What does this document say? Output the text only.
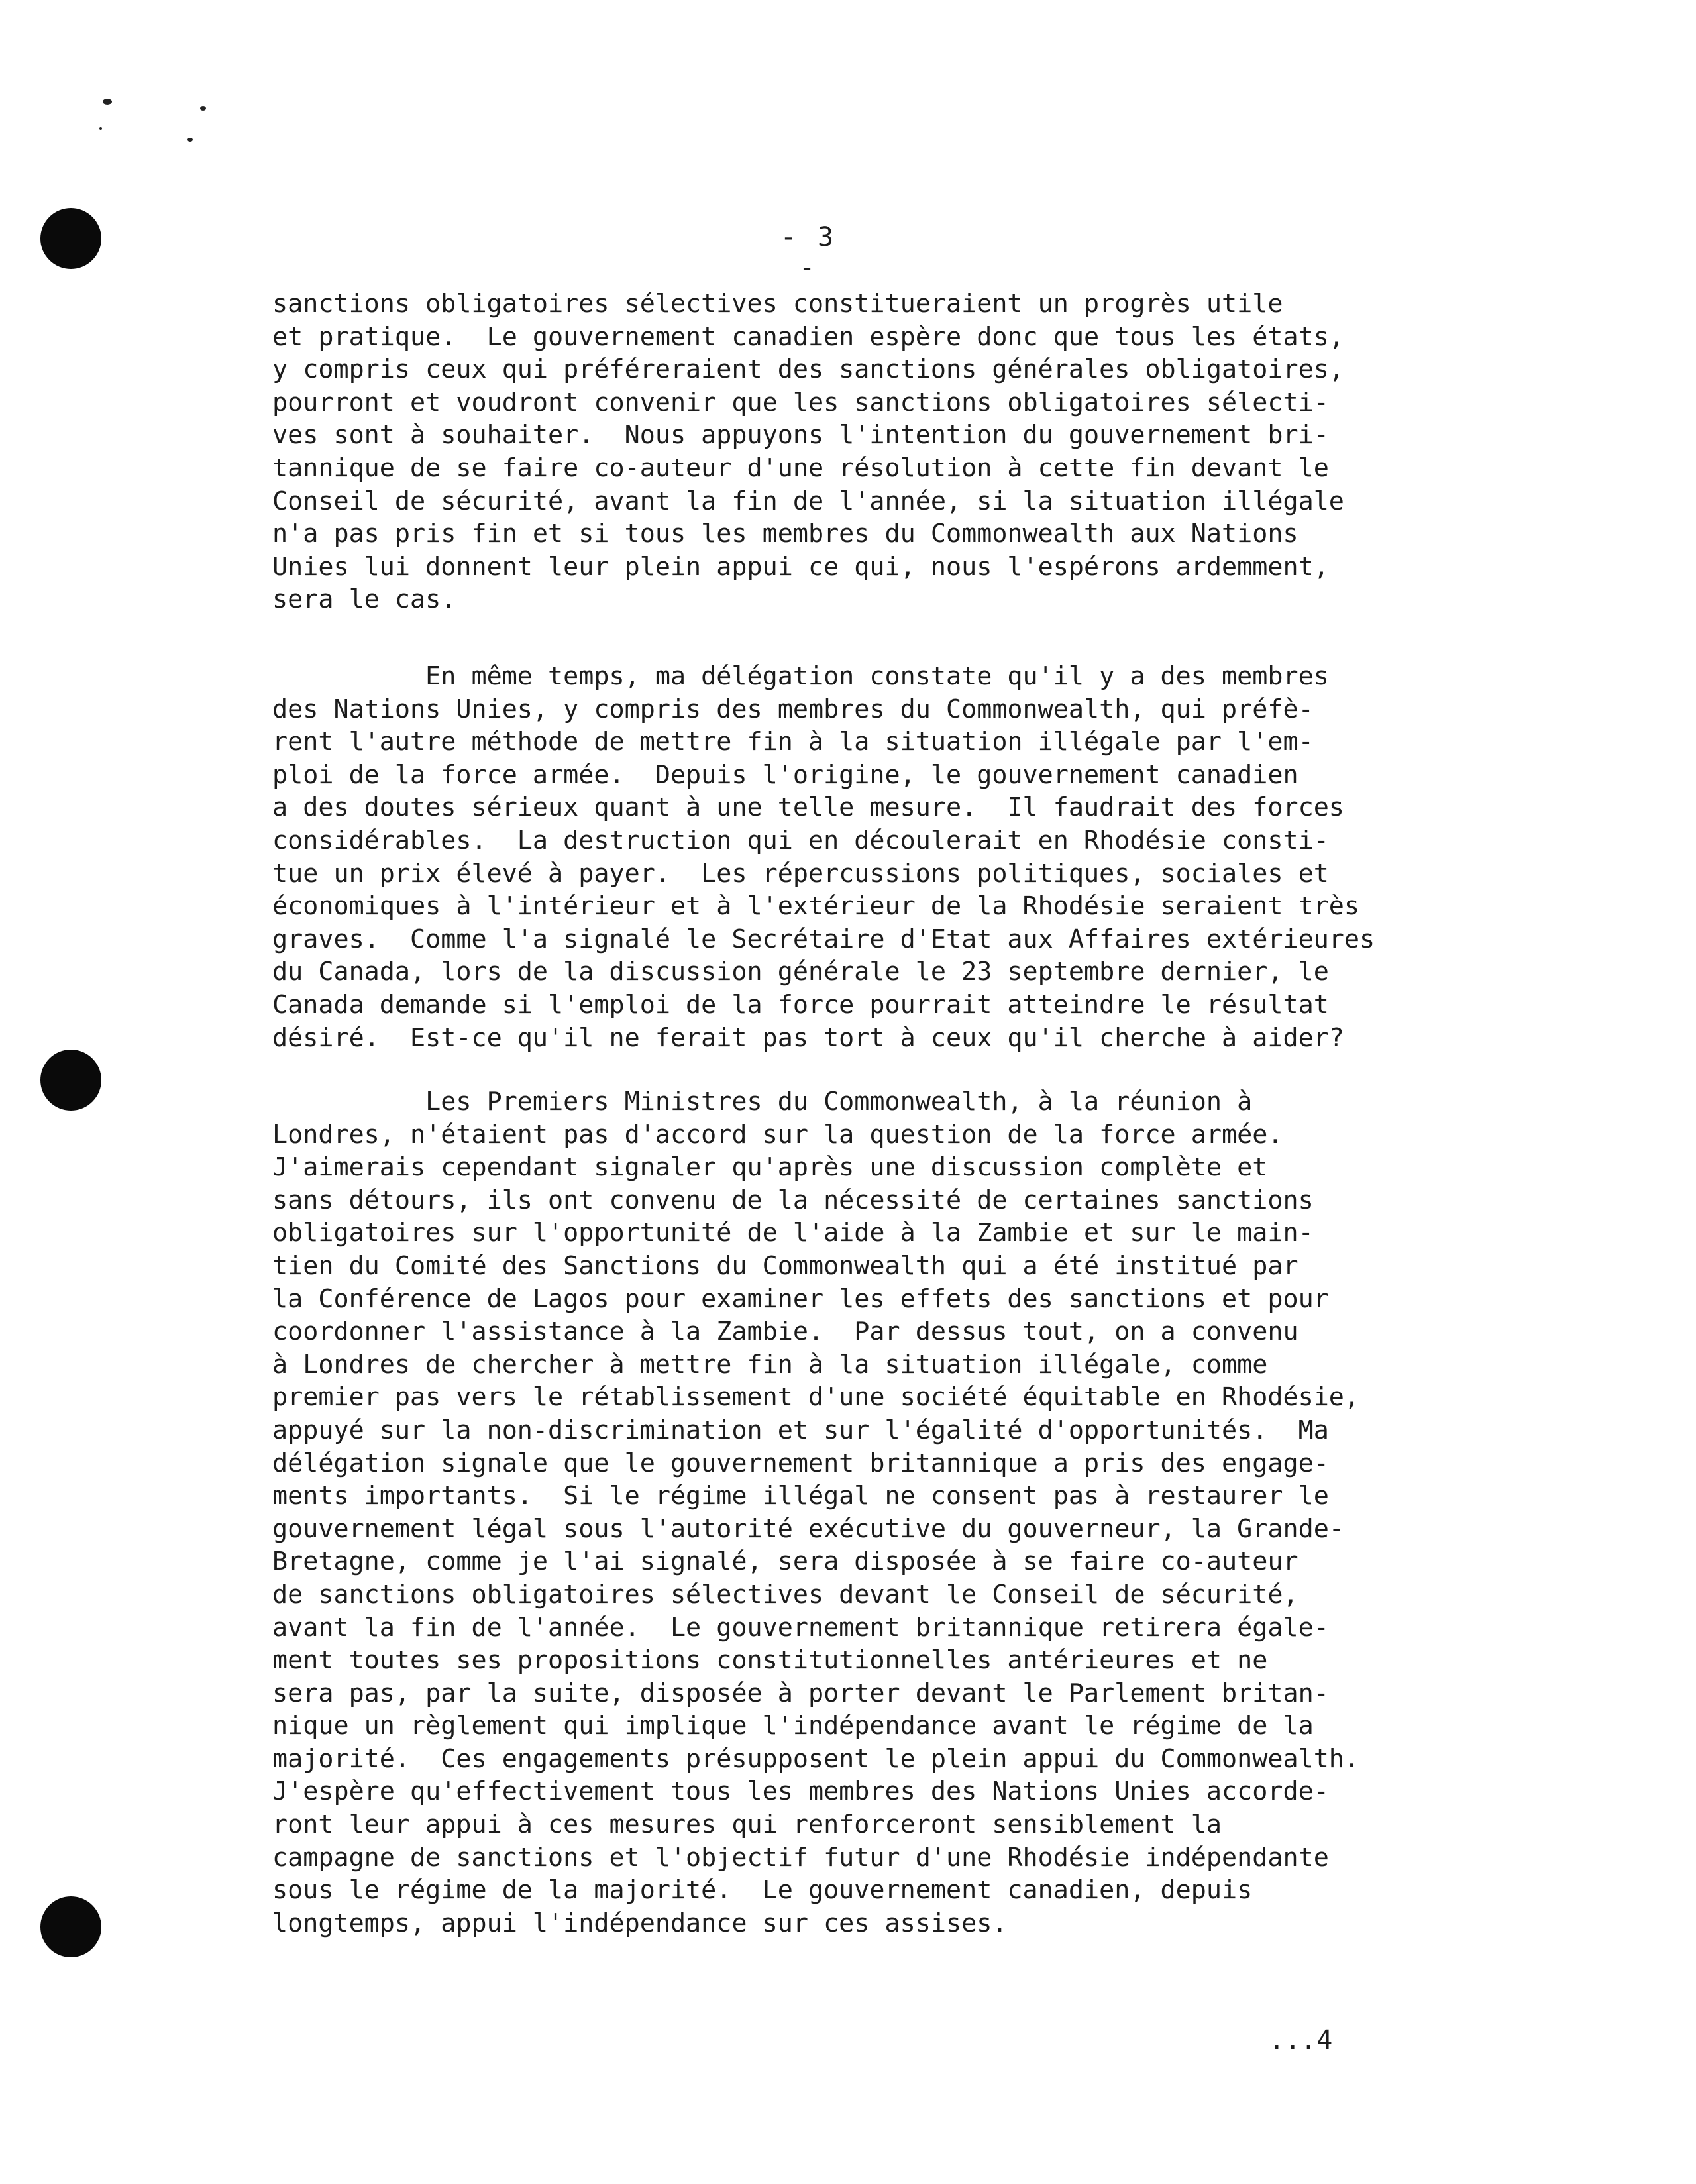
- 3 -
sanctions obligatoires sélectives constitueraient un progrès utile
et pratique.  Le gouvernement canadien espère donc que tous les états,
y compris ceux qui préféreraient des sanctions générales obligatoires,
pourront et voudront convenir que les sanctions obligatoires sélecti-
ves sont à souhaiter.  Nous appuyons l'intention du gouvernement bri-
tannique de se faire co-auteur d'une résolution à cette fin devant le
Conseil de sécurité, avant la fin de l'année, si la situation illégale
n'a pas pris fin et si tous les membres du Commonwealth aux Nations
Unies lui donnent leur plein appui ce qui, nous l'espérons ardemment,
sera le cas.
En même temps, ma délégation constate qu'il y a des membres
des Nations Unies, y compris des membres du Commonwealth, qui préfè-
rent l'autre méthode de mettre fin à la situation illégale par l'em-
ploi de la force armée.  Depuis l'origine, le gouvernement canadien
a des doutes sérieux quant à une telle mesure.  Il faudrait des forces
considérables.  La destruction qui en découlerait en Rhodésie consti-
tue un prix élevé à payer.  Les répercussions politiques, sociales et
économiques à l'intérieur et à l'extérieur de la Rhodésie seraient très
graves.  Comme l'a signalé le Secrétaire d'Etat aux Affaires extérieures
du Canada, lors de la discussion générale le 23 septembre dernier, le
Canada demande si l'emploi de la force pourrait atteindre le résultat
désiré.  Est-ce qu'il ne ferait pas tort à ceux qu'il cherche à aider?
Les Premiers Ministres du Commonwealth, à la réunion à
Londres, n'étaient pas d'accord sur la question de la force armée.
J'aimerais cependant signaler qu'après une discussion complète et
sans détours, ils ont convenu de la nécessité de certaines sanctions
obligatoires sur l'opportunité de l'aide à la Zambie et sur le main-
tien du Comité des Sanctions du Commonwealth qui a été institué par
la Conférence de Lagos pour examiner les effets des sanctions et pour
coordonner l'assistance à la Zambie.  Par dessus tout, on a convenu
à Londres de chercher à mettre fin à la situation illégale, comme
premier pas vers le rétablissement d'une société équitable en Rhodésie,
appuyé sur la non-discrimination et sur l'égalité d'opportunités.  Ma
délégation signale que le gouvernement britannique a pris des engage-
ments importants.  Si le régime illégal ne consent pas à restaurer le
gouvernement légal sous l'autorité exécutive du gouverneur, la Grande-
Bretagne, comme je l'ai signalé, sera disposée à se faire co-auteur
de sanctions obligatoires sélectives devant le Conseil de sécurité,
avant la fin de l'année.  Le gouvernement britannique retirera égale-
ment toutes ses propositions constitutionnelles antérieures et ne
sera pas, par la suite, disposée à porter devant le Parlement britan-
nique un règlement qui implique l'indépendance avant le régime de la
majorité.  Ces engagements présupposent le plein appui du Commonwealth.
J'espère qu'effectivement tous les membres des Nations Unies accorde-
ront leur appui à ces mesures qui renforceront sensiblement la
campagne de sanctions et l'objectif futur d'une Rhodésie indépendante
sous le régime de la majorité.  Le gouvernement canadien, depuis
longtemps, appui l'indépendance sur ces assises.
...4
